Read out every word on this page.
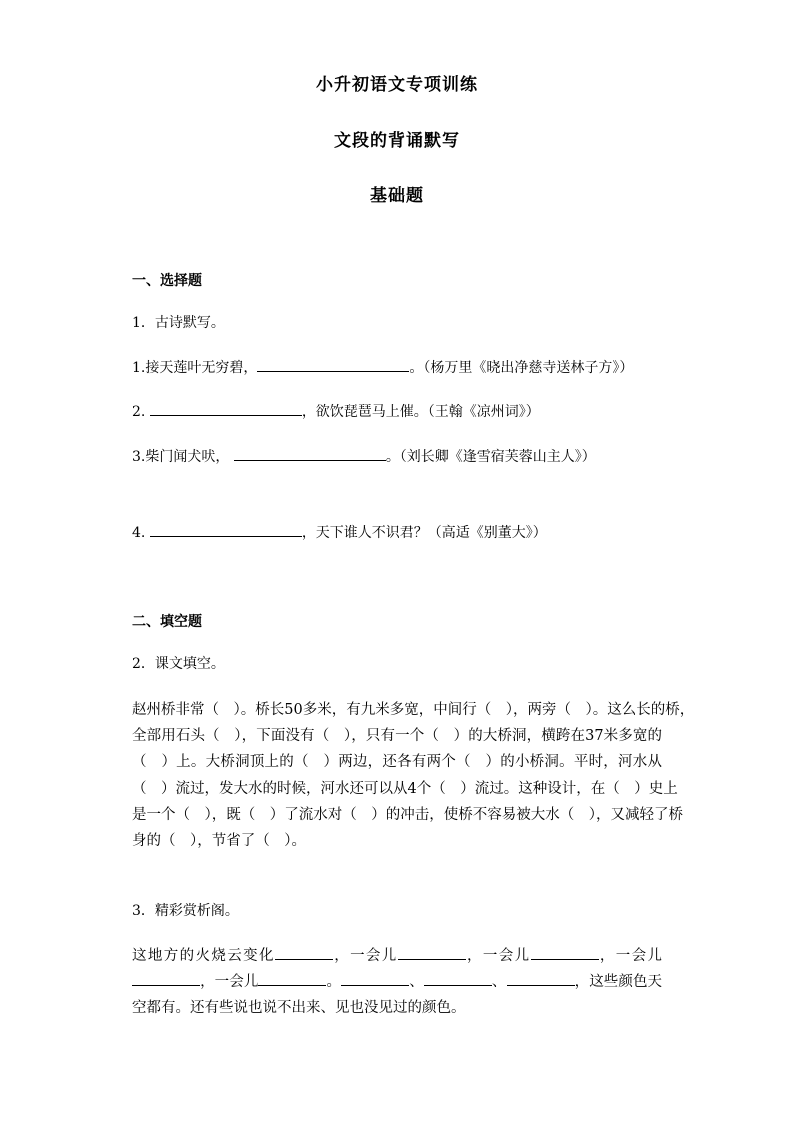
小升初语文专项训练
文段的背诵默写
基础题
一、选择题
1．古诗默写。
1.接天莲叶无穷碧，	。（杨万里《晓出净慈寺送林子方》）
2.	，欲饮琵琶马上催。（王翰《凉州词》）
3.柴门闻犬吠，	。（刘长卿《逢雪宿芙蓉山主人》）
4.	，天下谁人不识君？（高适《别董大》）
二、填空题
2．课文填空。
赵州桥非常（　）。桥长50多米，有九米多宽，中间行（　），两旁（　）。这么长的桥，
全部用石头（　），下面没有（　），只有一个（　）的大桥洞，横跨在37米多宽的
（　）上。大桥洞顶上的（　）两边，还各有两个（　）的小桥洞。平时，河水从
（　）流过，发大水的时候，河水还可以从4个（　）流过。这种设计，在（　）史上
是一个（　），既（　）了流水对（　）的冲击，使桥不容易被大水（　），又减轻了桥
身的（　），节省了（　）。
3．精彩赏析阁。
这地方的火烧云变化	，一会儿	，一会儿	，一会儿
，一会儿	。	、	、	，这些颜色天
空都有。还有些说也说不出来、见也没见过的颜色。
